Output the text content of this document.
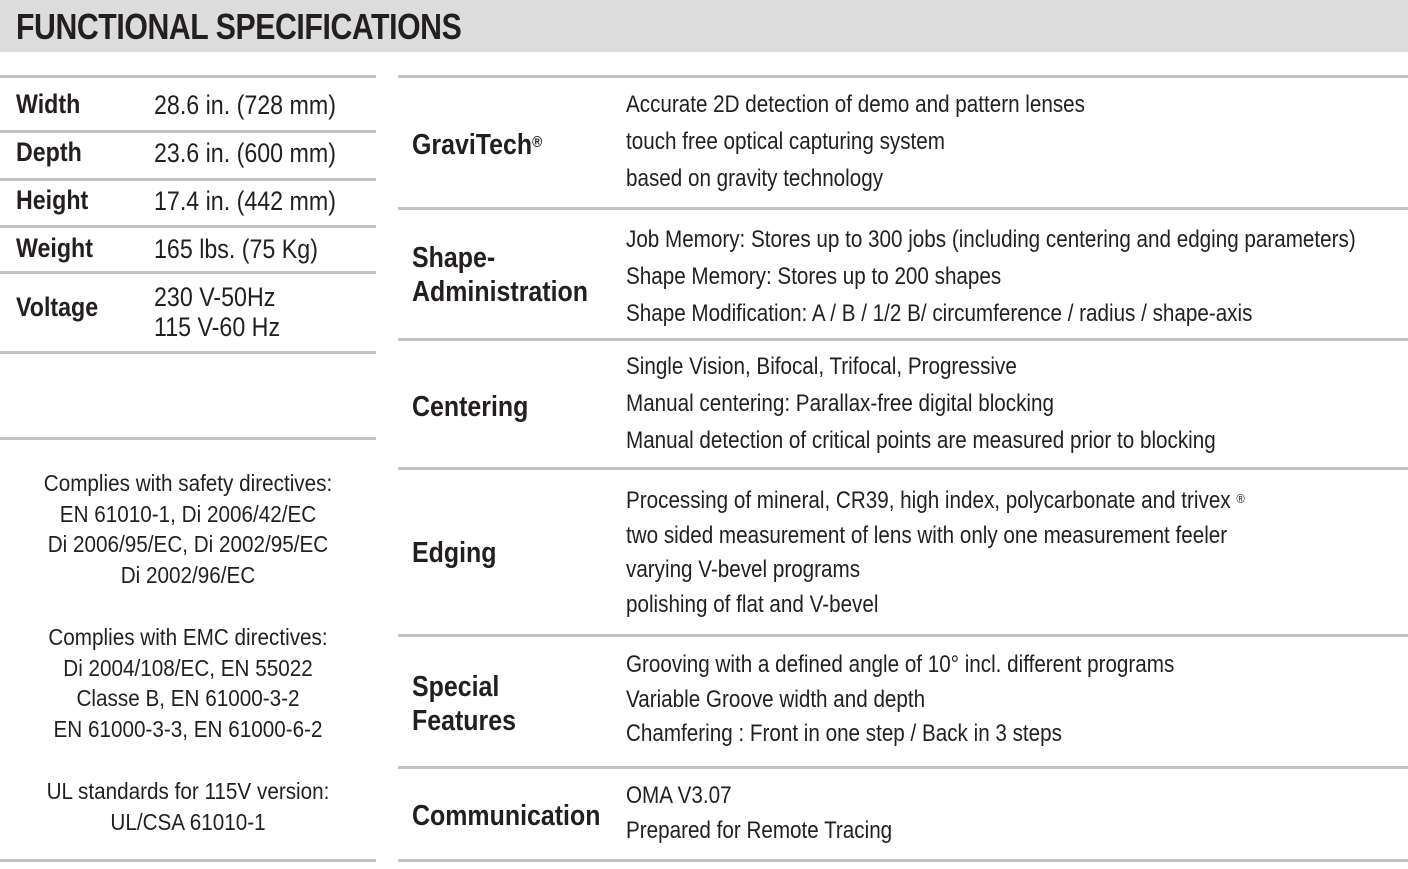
FUNCTIONAL SPECIFICATIONS
Width	28.6 in. (728 mm)
Depth	23.6 in. (600 mm)
Height 17.4 in. (442 mm)
Weight 165 lbs. (75 Kg)
Voltage 230 V-50Hz
115 V-60 Hz
Complies with safety directives:
EN 61010-1, Di 2006/42/EC
Di 2006/95/EC, Di 2002/95/EC
Di 2002/96/EC
Complies with EMC directives:
Di 2004/108/EC, EN 55022
Classe B, EN 61000-3-2
EN 61000-3-3, EN 61000-6-2
UL standards for 115V version:
UL/CSA 61010-1
GraviTech®
Accurate 2D detection of demo and pattern lenses
touch free optical capturing system
based on gravity technology
Shape-
Administration
Job Memory: Stores up to 300 jobs (including centering and edging parameters)
Shape Memory: Stores up to 200 shapes
Shape Modification: A / B / 1/2 B/ circumference / radius / shape-axis
Centering
Single Vision, Bifocal, Trifocal, Progressive
Manual centering: Parallax-free digital blocking
Manual detection of critical points are measured prior to blocking
Edging
Processing of mineral, CR39, high index, polycarbonate and trivex ®
two sided measurement of lens with only one measurement feeler
varying V-bevel programs
polishing of flat and V-bevel
Special
Features
Grooving with a defined angle of 10° incl. different programs
Variable Groove width and depth
Chamfering : Front in one step / Back in 3 steps
Communication
OMA V3.07
Prepared for Remote Tracing
